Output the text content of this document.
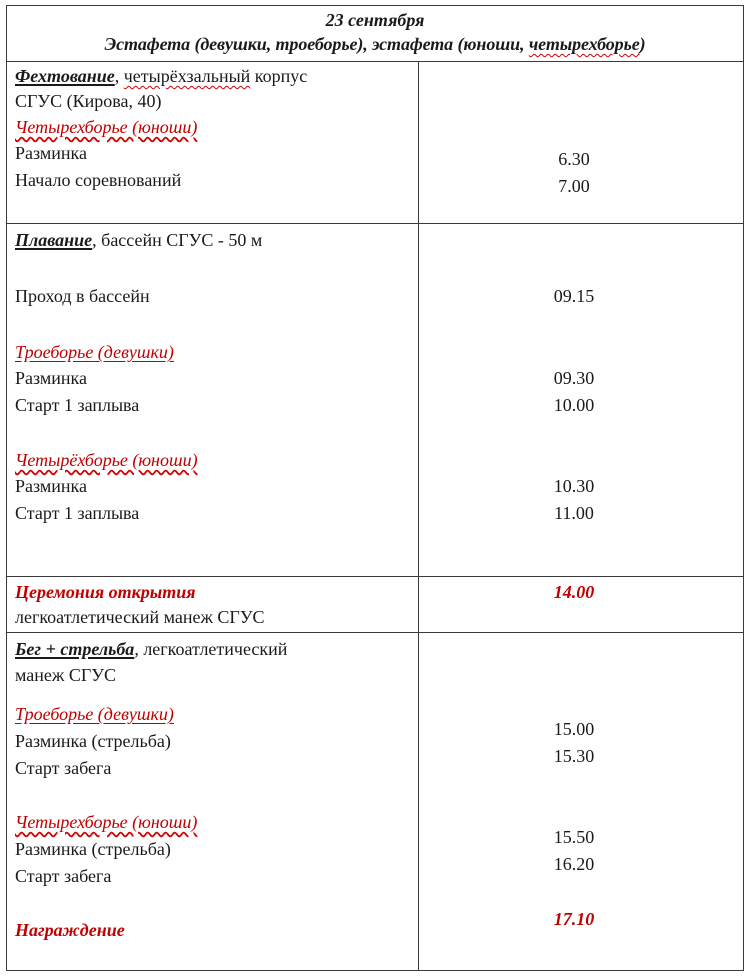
23 сентября
Эстафета (девушки, троеборье), эстафета (юноши, четырехборье)
Фехтование, четырёхзальный корпус
СГУС (Кирова, 40)
Четырехборье (юноши)
Разминка
Начало соревнований
6.30
7.00
Плавание, бассейн СГУС - 50 м
Проход в бассейн
Троеборье (девушки)
Разминка
Старт 1 заплыва
Четырёхборье (юноши)
Разминка
Старт 1 заплыва
09.15
09.30
10.00
10.30
11.00
Церемония открытия
легкоатлетический манеж СГУС
14.00
Бег + стрельба, легкоатлетический
манеж СГУС
Троеборье (девушки)
Разминка (стрельба)
Старт забега
Четырехборье (юноши)
Разминка (стрельба)
Старт забега
Награждение
15.00
15.30
15.50
16.20
17.10
